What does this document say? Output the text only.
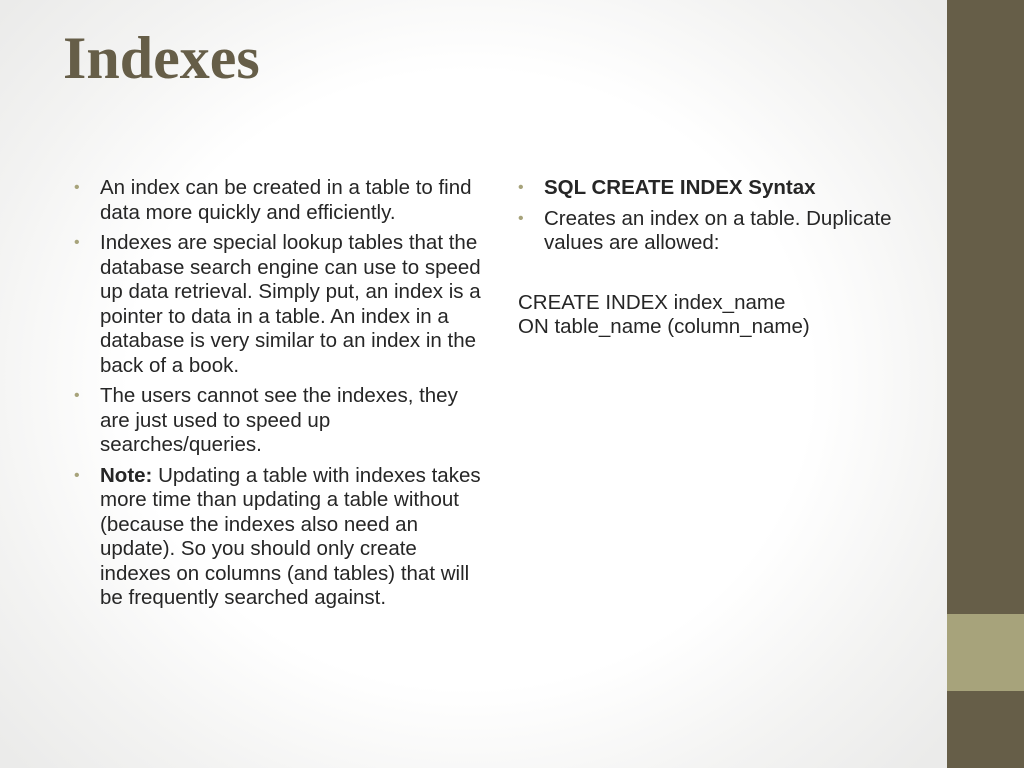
Indexes
• An index can be created in a table to find data more quickly and efficiently.
• Indexes are special lookup tables that the database search engine can use to speed up data retrieval. Simply put, an index is a pointer to data in a table. An index in a database is very similar to an index in the back of a book.
• The users cannot see the indexes, they are just used to speed up searches/queries.
• Note: Updating a table with indexes takes more time than updating a table without (because the indexes also need an update). So you should only create indexes on columns (and tables) that will be frequently searched against.
• SQL CREATE INDEX Syntax
• Creates an index on a table. Duplicate values are allowed:
CREATE INDEX index_name
ON table_name (column_name)
